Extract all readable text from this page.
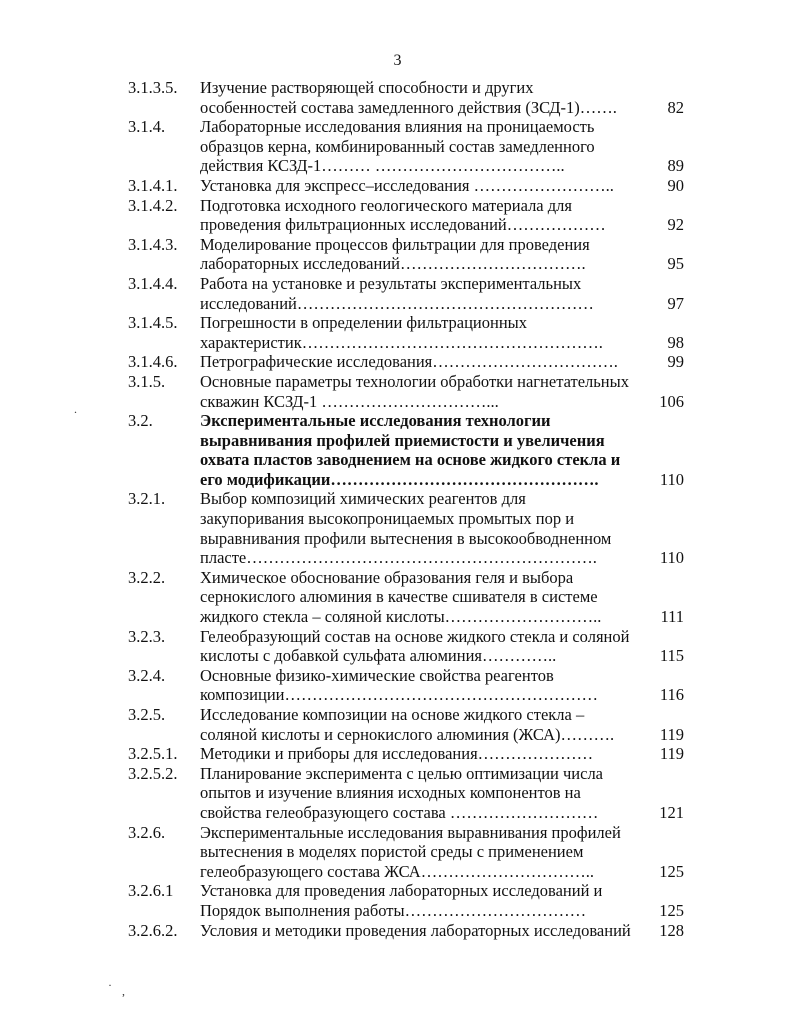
3
3.1.3.5.	Изучение растворяющей способности и других особенностей состава замедленного действия (ЗСД-1)…….	82
3.1.4.	Лабораторные исследования влияния на проницаемость образцов керна, комбинированный состав замедленного действия КСЗД-1……… ……………………………..	89
3.1.4.1.	Установка для экспресс–исследования ……………………..	90
3.1.4.2.	Подготовка исходного геологического материала для проведения фильтрационных исследований………………	92
3.1.4.3.	Моделирование процессов фильтрации для проведения лабораторных исследований…………………………….	95
3.1.4.4.	Работа на установке и результаты экспериментальных исследований………………………………………………	97
3.1.4.5.	Погрешности в определении фильтрационных характеристик……………………………………………….	98
3.1.4.6.	Петрографические исследования…………………………….	99
3.1.5.	Основные параметры технологии обработки нагнетательных скважин КСЗД-1 …………………………...	106
3.2.	Экспериментальные исследования технологии выравнивания профилей приемистости и увеличения охвата пластов заводнением на основе жидкого стекла и его модификации………………………………………….	110
3.2.1.	Выбор композиций химических реагентов для закупоривания высокопроницаемых промытых пор и выравнивания профили вытеснения в высокообводненном пласте……………………………………………………….	110
3.2.2.	Химическое обоснование образования геля и выбора сернокислого алюминия в качестве сшивателя в системе жидкого стекла – соляной кислоты………………………..	111
3.2.3.	Гелеобразующий состав на основе жидкого стекла и соляной кислоты с добавкой сульфата алюминия…………..	115
3.2.4.	Основные физико-химические свойства реагентов композиции…………………………………………………	116
3.2.5.	Исследование композиции на основе жидкого стекла – соляной кислоты и сернокислого алюминия (ЖСА)……….	119
3.2.5.1.	Методики и приборы для исследования…………………	119
3.2.5.2.	Планирование эксперимента с целью оптимизации числа опытов и изучение влияния исходных компонентов на свойства гелеобразующего состава ………………………	121
3.2.6.	Экспериментальные исследования выравнивания профилей вытеснения в моделях пористой среды с применением гелеобразующего состава ЖСА…………………………..	125
3.2.6.1	Установка для проведения лабораторных исследований и Порядок выполнения работы……………………………	125
3.2.6.2.	Условия и методики проведения лабораторных исследований	128
.
· ,
